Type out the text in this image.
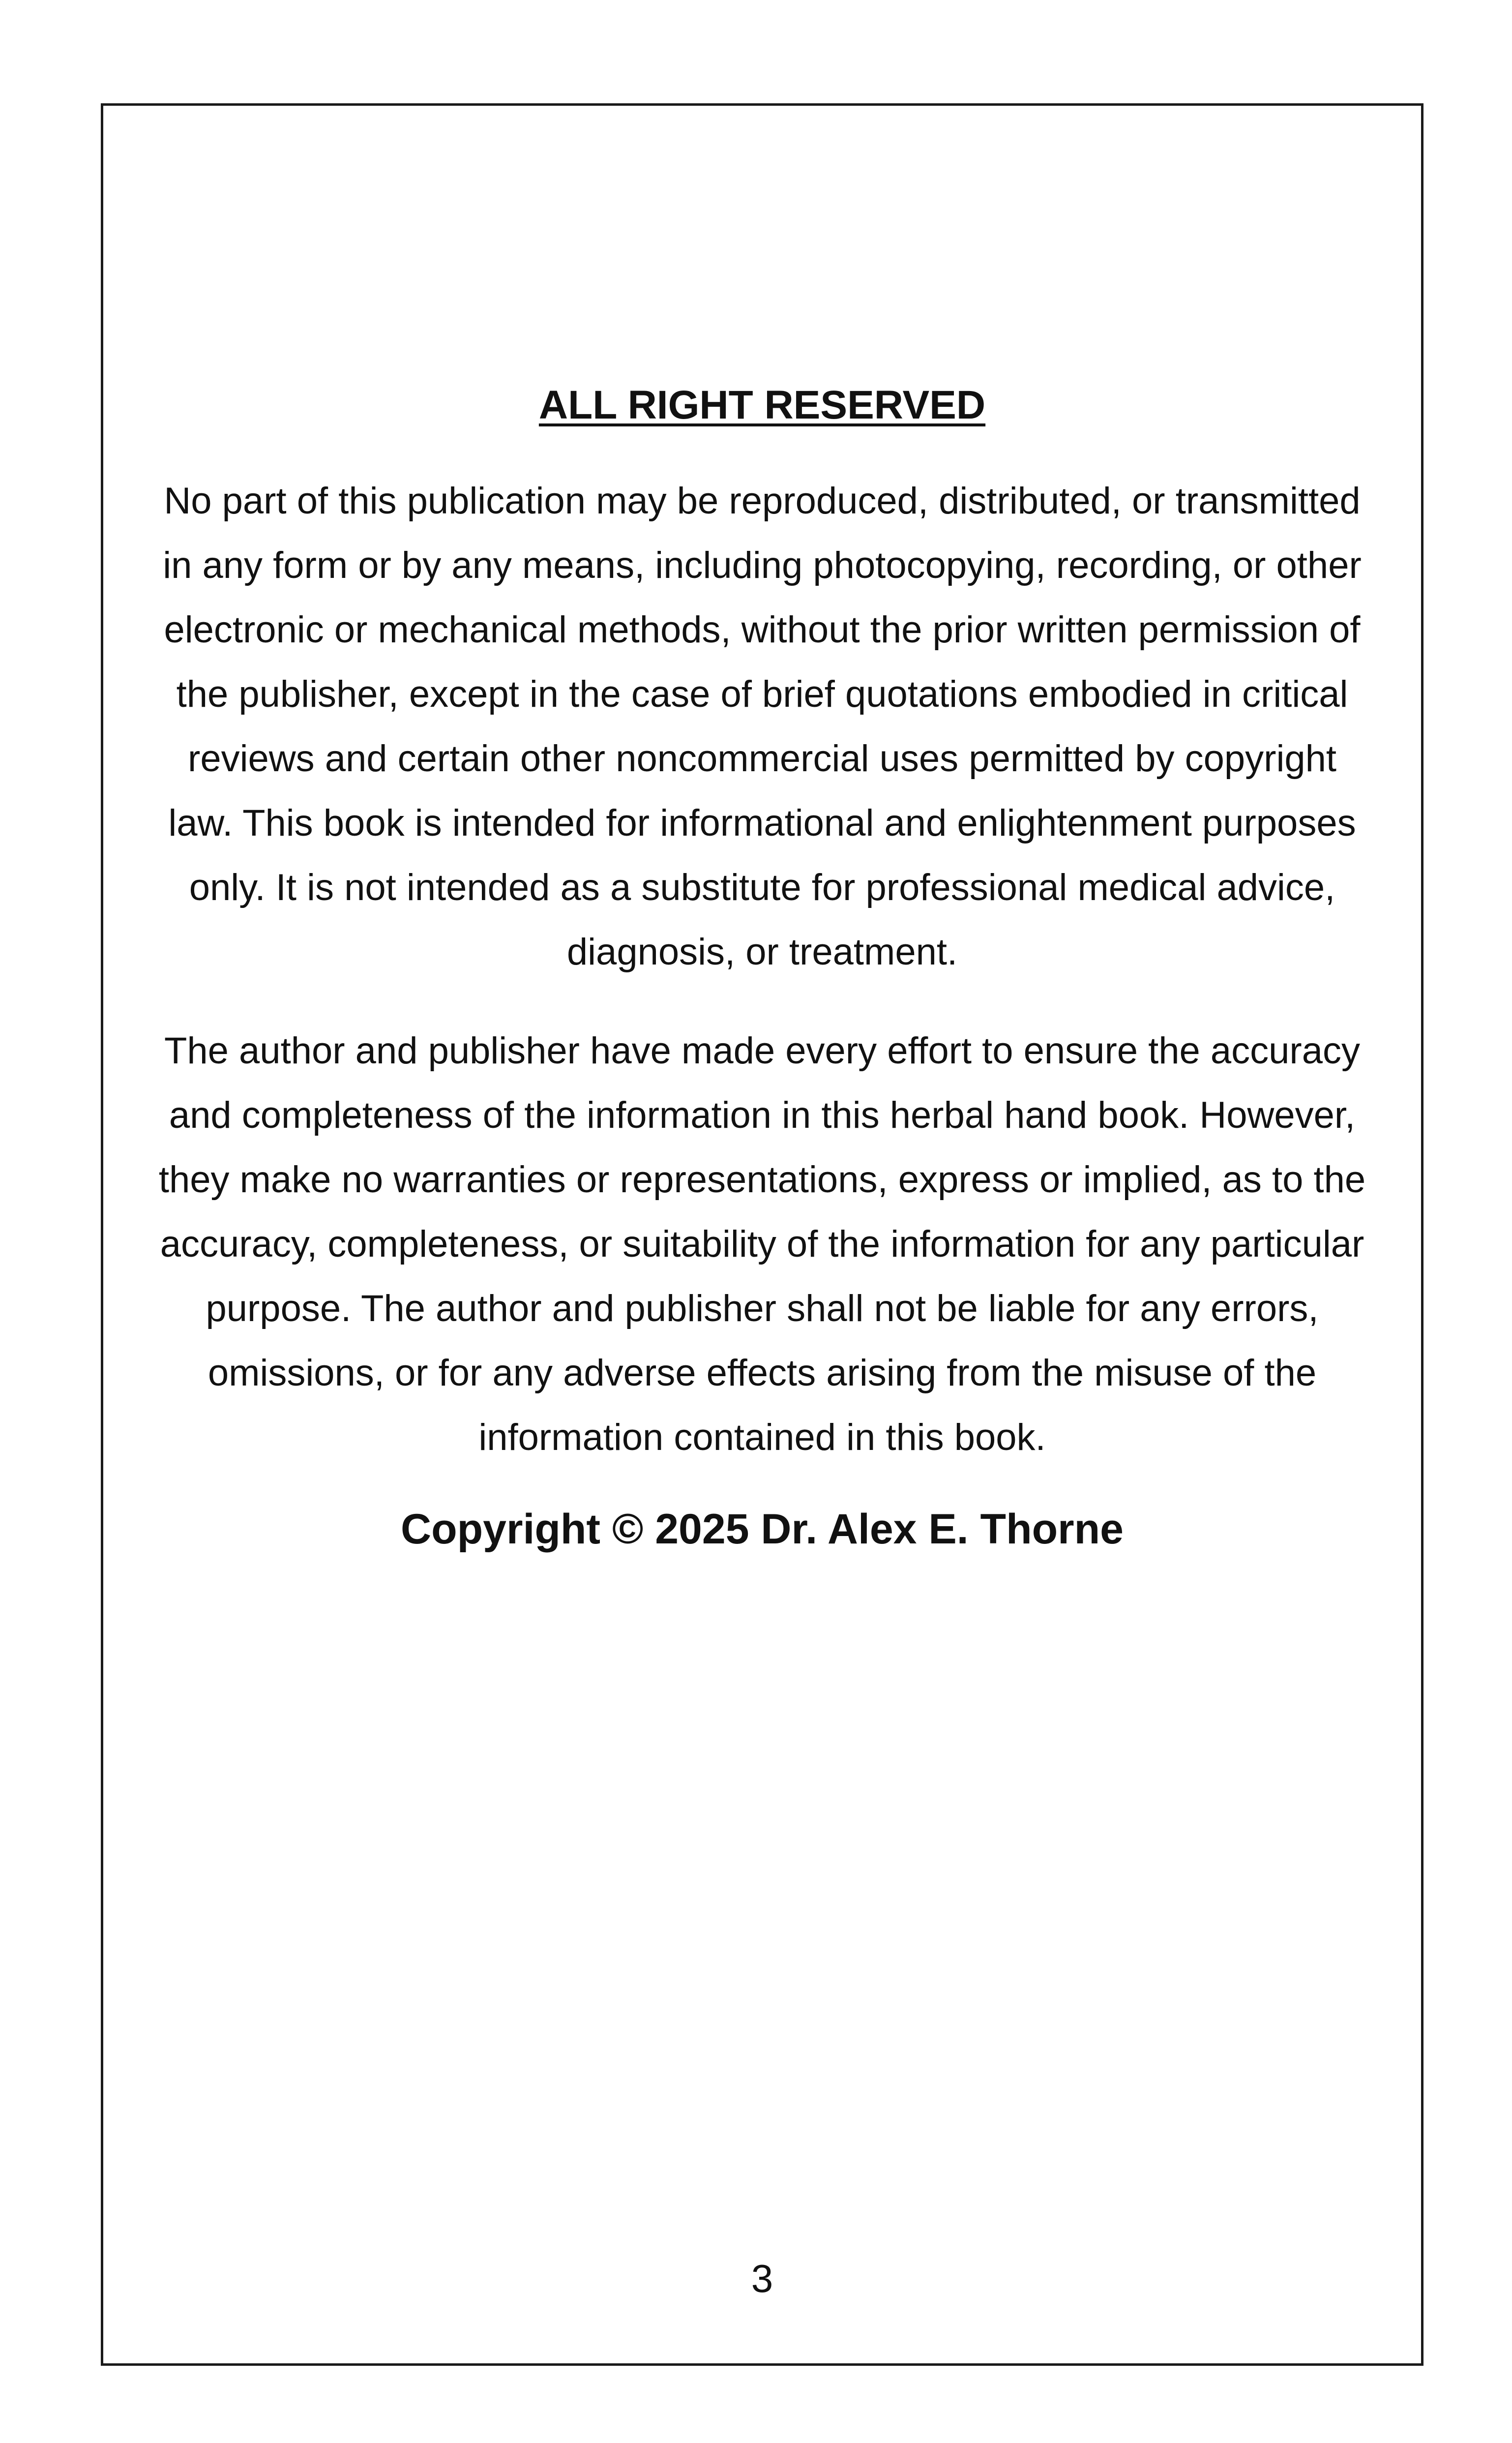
ALL RIGHT RESERVED

No part of this publication may be reproduced, distributed, or transmitted in any form or by any means, including photocopying, recording, or other electronic or mechanical methods, without the prior written permission of the publisher, except in the case of brief quotations embodied in critical reviews and certain other noncommercial uses permitted by copyright law. This book is intended for informational and enlightenment purposes only. It is not intended as a substitute for professional medical advice, diagnosis, or treatment.

The author and publisher have made every effort to ensure the accuracy and completeness of the information in this herbal hand book. However, they make no warranties or representations, express or implied, as to the accuracy, completeness, or suitability of the information for any particular purpose. The author and publisher shall not be liable for any errors, omissions, or for any adverse effects arising from the misuse of the information contained in this book.

Copyright © 2025 Dr. Alex E. Thorne

3
